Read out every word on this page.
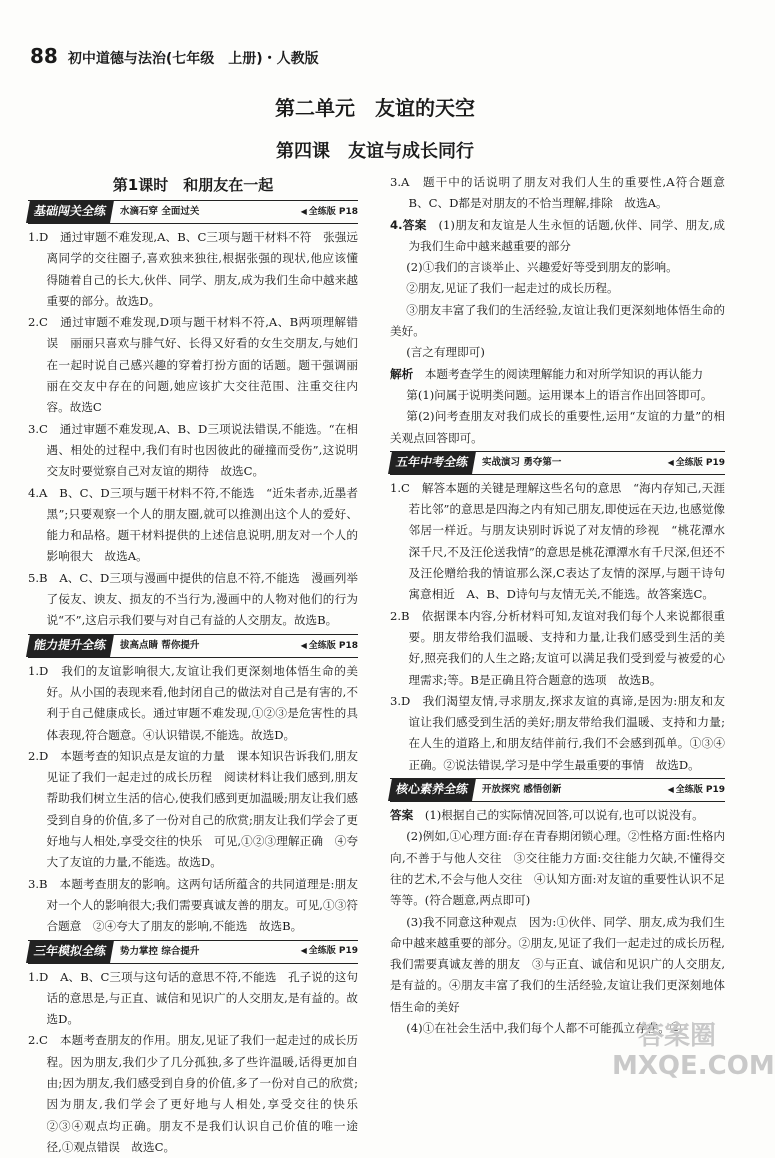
88 初中道德与法治(七年级　上册)・人教版
第二单元　友谊的天空
第四课　友谊与成长同行
第1课时　和朋友在一起
基础闯关全练	水滴石穿 全面过关	◀ 全练版 P18

1.D　通过审题不难发现,A、B、C三项与题干材料不符　张强远离同学的交往圈子,喜欢独来独往,根据张强的现状,他应该懂得随着自己的长大,伙伴、同学、朋友,成为我们生命中越来越重要的部分。故选D。

2.C　通过审题不难发现,D项与题干材料不符,A、B两项理解错误　丽丽只喜欢与腓气好、长得又好看的女生交朋友,与她们在一起时说自己感兴趣的穿着打扮方面的话题。题干强调丽丽在交友中存在的问题,她应该扩大交往范围、注重交往内容。故选C

3.C　通过审题不难发现,A、B、D三项说法错误,不能选。“在相遇、相处的过程中,我们有时也因彼此的碰撞而受伤”,这说明交友时要觉察自己对友谊的期待　故选C。

4.A　B、C、D三项与题干材料不符,不能选　“近朱者赤,近墨者黑”;只要观察一个人的朋友圈,就可以推测出这个人的爱好、能力和品格。题干材料提供的上述信息说明,朋友对一个人的影响很大　故选A。

5.B　A、C、D三项与漫画中提供的信息不符,不能选　漫画列举了佞友、谀友、损友的不当行为,漫画中的人物对他们的行为说“不”,这启示我们要与对自己有益的人交朋友。故选B。

能力提升全练	拔高点睛 帮你提升	◀ 全练版 P18

1.D　我们的友谊影响很大,友谊让我们更深刻地体悟生命的美好。从小国的表现来看,他封闭自己的做法对自己是有害的,不利于自己健康成长。通过审题不难发现,①②③是危害性的具体表现,符合题意。④认识错误,不能选。故选D。

2.D　本题考查的知识点是友谊的力量　课本知识告诉我们,朋友见证了我们一起走过的成长历程　阅读材料让我们感到,朋友帮助我们树立生活的信心,使我们感到更加温暖;朋友让我们感受到自身的价值,多了一份对自己的欣赏;朋友让我们学会了更好地与人相处,享受交往的快乐　可见,①②③理解正确　④夸大了友谊的力量,不能选。故选D。

3.B　本题考查朋友的影响。这两句话所蕴含的共同道理是:朋友对一个人的影响很大;我们需要真诚友善的朋友。可见,①③符合题意　②④夸大了朋友的影响,不能选　故选B。

三年模拟全练	势力掌控 综合提升	◀ 全练版 P19

1.D　A、B、C三项与这句话的意思不符,不能选　孔子说的这句话的意思是,与正直、诚信和见识广的人交朋友,是有益的。故选D。

2.C　本题考查朋友的作用。朋友,见证了我们一起走过的成长历程。因为朋友,我们少了几分孤独,多了些许温暖,话得更加自由;因为朋友,我们感受到自身的价值,多了一份对自己的欣赏;因为朋友,我们学会了更好地与人相处,享受交往的快乐　②③④观点均正确。朋友不是我们认识自己价值的唯一途径,①观点错误　故选C。

3.A　题干中的话说明了朋友对我们人生的重要性,A符合题意　B、C、D都是对朋友的不恰当理解,排除　故选A。

4.答案　 (1)朋友和友谊是人生永恒的话题,伙伴、同学、朋友,成为我们生命中越来越重要的部分

(2)①我们的言谈举止、兴趣爱好等受到朋友的影响。

②朋友,见证了我们一起走过的成长历程。

③朋友丰富了我们的生活经验,友谊让我们更深刻地体悟生命的美好。

(言之有理即可)

解析　 本题考查学生的阅读理解能力和对所学知识的再认能力

第(1)问属于说明类问题。运用课本上的语言作出回答即可。

第(2)问考查朋友对我们成长的重要性,运用“友谊的力量”的相关观点回答即可。

五年中考全练	实战演习 勇夺第一	◀ 全练版 P19

1.C　解答本题的关键是理解这些名句的意思　“海内存知己,天涯若比邻”的意思是四海之内有知己朋友,即使远在天边,也感觉像邻居一样近。与朋友诀别时诉说了对友情的珍视　“桃花潭水深千尺,不及汪伦送我情”的意思是桃花潭潭水有千尺深,但还不及汪伦赠给我的情谊那么深,C表达了友情的深厚,与题干诗句寓意相近　A、B、D诗句与友情无关,不能选。故答案选C。

2.B　依据课本内容,分析材料可知,友谊对我们每个人来说都很重要。朋友带给我们温暖、支持和力量,让我们感受到生活的美好,照亮我们的人生之路;友谊可以满足我们受到爱与被爱的心理需求;等。B是正确且符合题意的选项　故选B。

3.D　我们渴望友情,寻求朋友,探求友谊的真谛,是因为:朋友和友谊让我们感受到生活的美好;朋友带给我们温暖、支持和力量;在人生的道路上,和朋友结伴前行,我们不会感到孤单。①③④正确。②说法错误,学习是中学生最重要的事情　故选D。

核心素养全练	开放探究 感悟创新	◀ 全练版 P19

答案　 (1)根据自己的实际情况回答,可以说有,也可以说没有。

(2)例如,①心理方面:存在青春期闭锁心理。②性格方面:性格内向,不善于与他人交往　③交往能力方面:交往能力欠缺,不懂得交往的艺术,不会与他人交往　④认知方面:对友谊的重要性认识不足　等等。(符合题意,两点即可)

(3)我不同意这种观点　因为:①伙伴、同学、朋友,成为我们生命中越来越重要的部分。②朋友,见证了我们一起走过的成长历程,我们需要真诚友善的朋友　③与正直、诚信和见识广的人交朋友,是有益的。④朋友丰富了我们的生活经验,友谊让我们更深刻地体悟生命的美好

(4)①在社会生活中,我们每个人都不可能孤立存在。②

答案圈 MXQE.COM
